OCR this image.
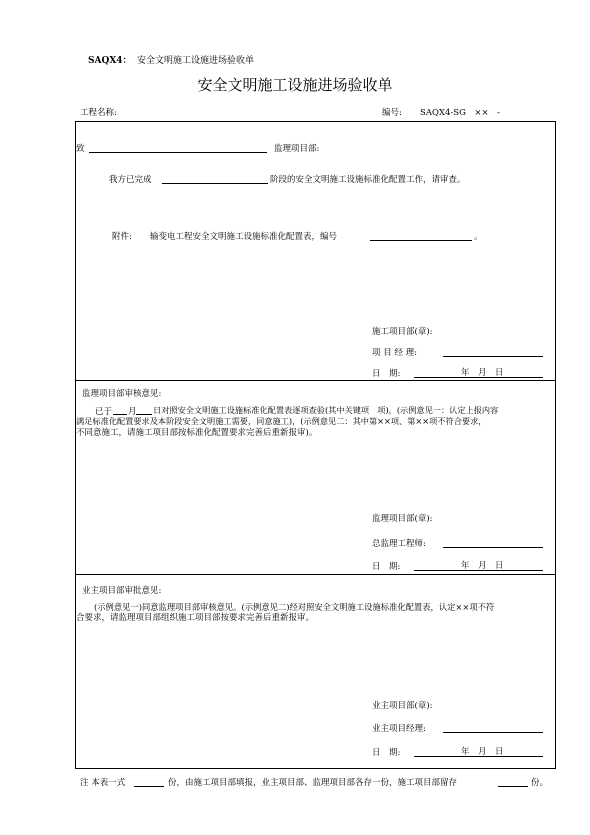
SAQX4： 安全文明施工设施进场验收单
安全文明施工设施进场验收单
工程名称:	编号: SAQX4-SG　××　-
致	监理项目部:
我方已完成	阶段的安全文明施工设施标准化配置工作，请审查。
附件: 输变电工程安全文明施工设施标准化配置表，编号	。
施工项目部(章):
项 目 经 理:
日　期:	年　月　日
监理项目部审核意见:
已于 月 日对照安全文明施工设施标准化配置表逐项查验(其中关键项　项)，(示例意见一：认定上报内容
满足标准化配置要求及本阶段安全文明施工需要，同意施工)，(示例意见二：其中第××项、第××项不符合要求，
不同意施工，请施工项目部按标准化配置要求完善后重新报审)。
监理项目部(章):
总监理工程师:
日　期:	年　月　日
业主项目部审批意见:
(示例意见一)同意监理项目部审核意见。(示例意见二)经对照安全文明施工设施标准化配置表，认定××项不符
合要求，请监理项目部组织施工项目部按要求完善后重新报审。
业主项目部(章):
业主项目经理:
日　期:	年　月　日
注 本表一式	份，由施工项目部填报，业主项目部、监理项目部各存一份，施工项目部留存	份。
